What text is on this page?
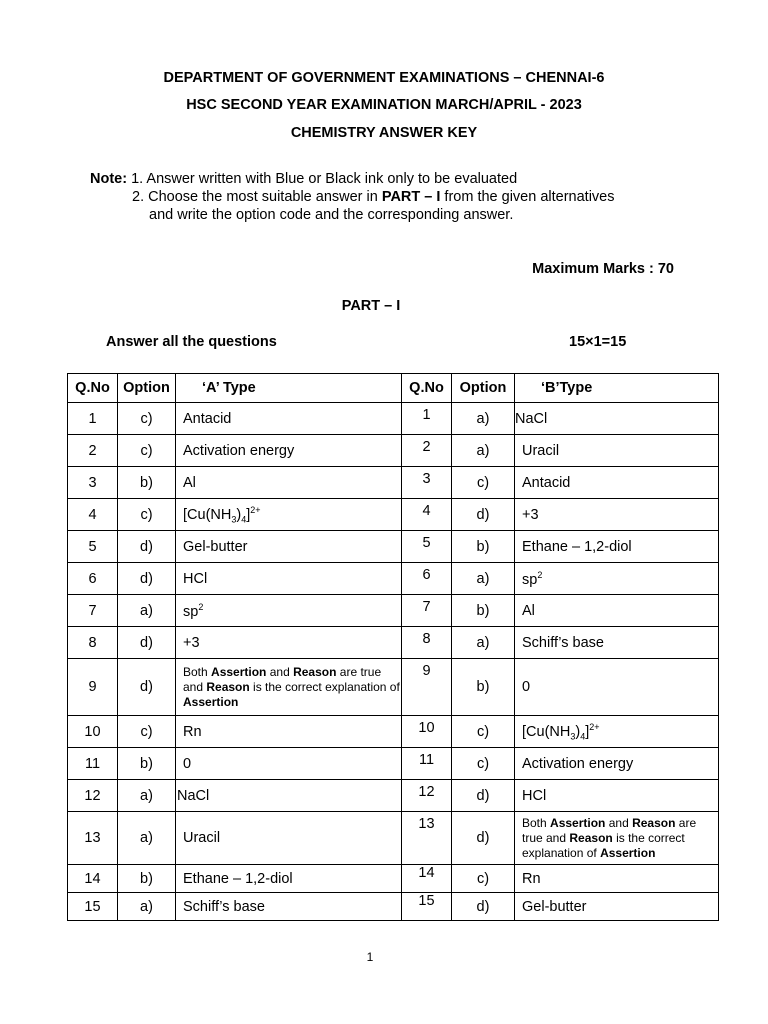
DEPARTMENT OF GOVERNMENT EXAMINATIONS – CHENNAI-6
HSC SECOND YEAR EXAMINATION MARCH/APRIL - 2023
CHEMISTRY ANSWER KEY
Note: 1. Answer written with Blue or Black ink only to be evaluated
2. Choose the most suitable answer in PART – I from the given alternatives
and write the option code and the corresponding answer.
Maximum Marks : 70
PART – I
Answer all the questions	15×1=15
Q.No	Option	‘A’ Type	Q.No	Option	‘B’Type
1	c)	Antacid	1	a)	NaCl
2	c)	Activation energy	2	a)	Uracil
3	b)	Al	3	c)	Antacid
4	c)	$[Cu(NH_3)_4]^{2+}$	4	d)	+3
5	d)	Gel-butter	5	b)	Ethane – 1,2-diol
6	d)	HCl	6	a)	$sp^2$
7	a)	$sp^2$	7	b)	Al
8	d)	+3	8	a)	Schiff’s base
9	d)	Both Assertion and Reason are true and Reason is the correct explanation of Assertion	9	b)	0
10	c)	Rn	10	c)	$[Cu(NH_3)_4]^{2+}$
11	b)	0	11	c)	Activation energy
12	a)	NaCl	12	d)	HCl
13	a)	Uracil	13	d)	Both Assertion and Reason are true and Reason is the correct explanation of Assertion

14	b)	Ethane – 1,2-diol	14	c)	Rn
15	a)	Schiff’s base	15	d)	Gel-butter
1
